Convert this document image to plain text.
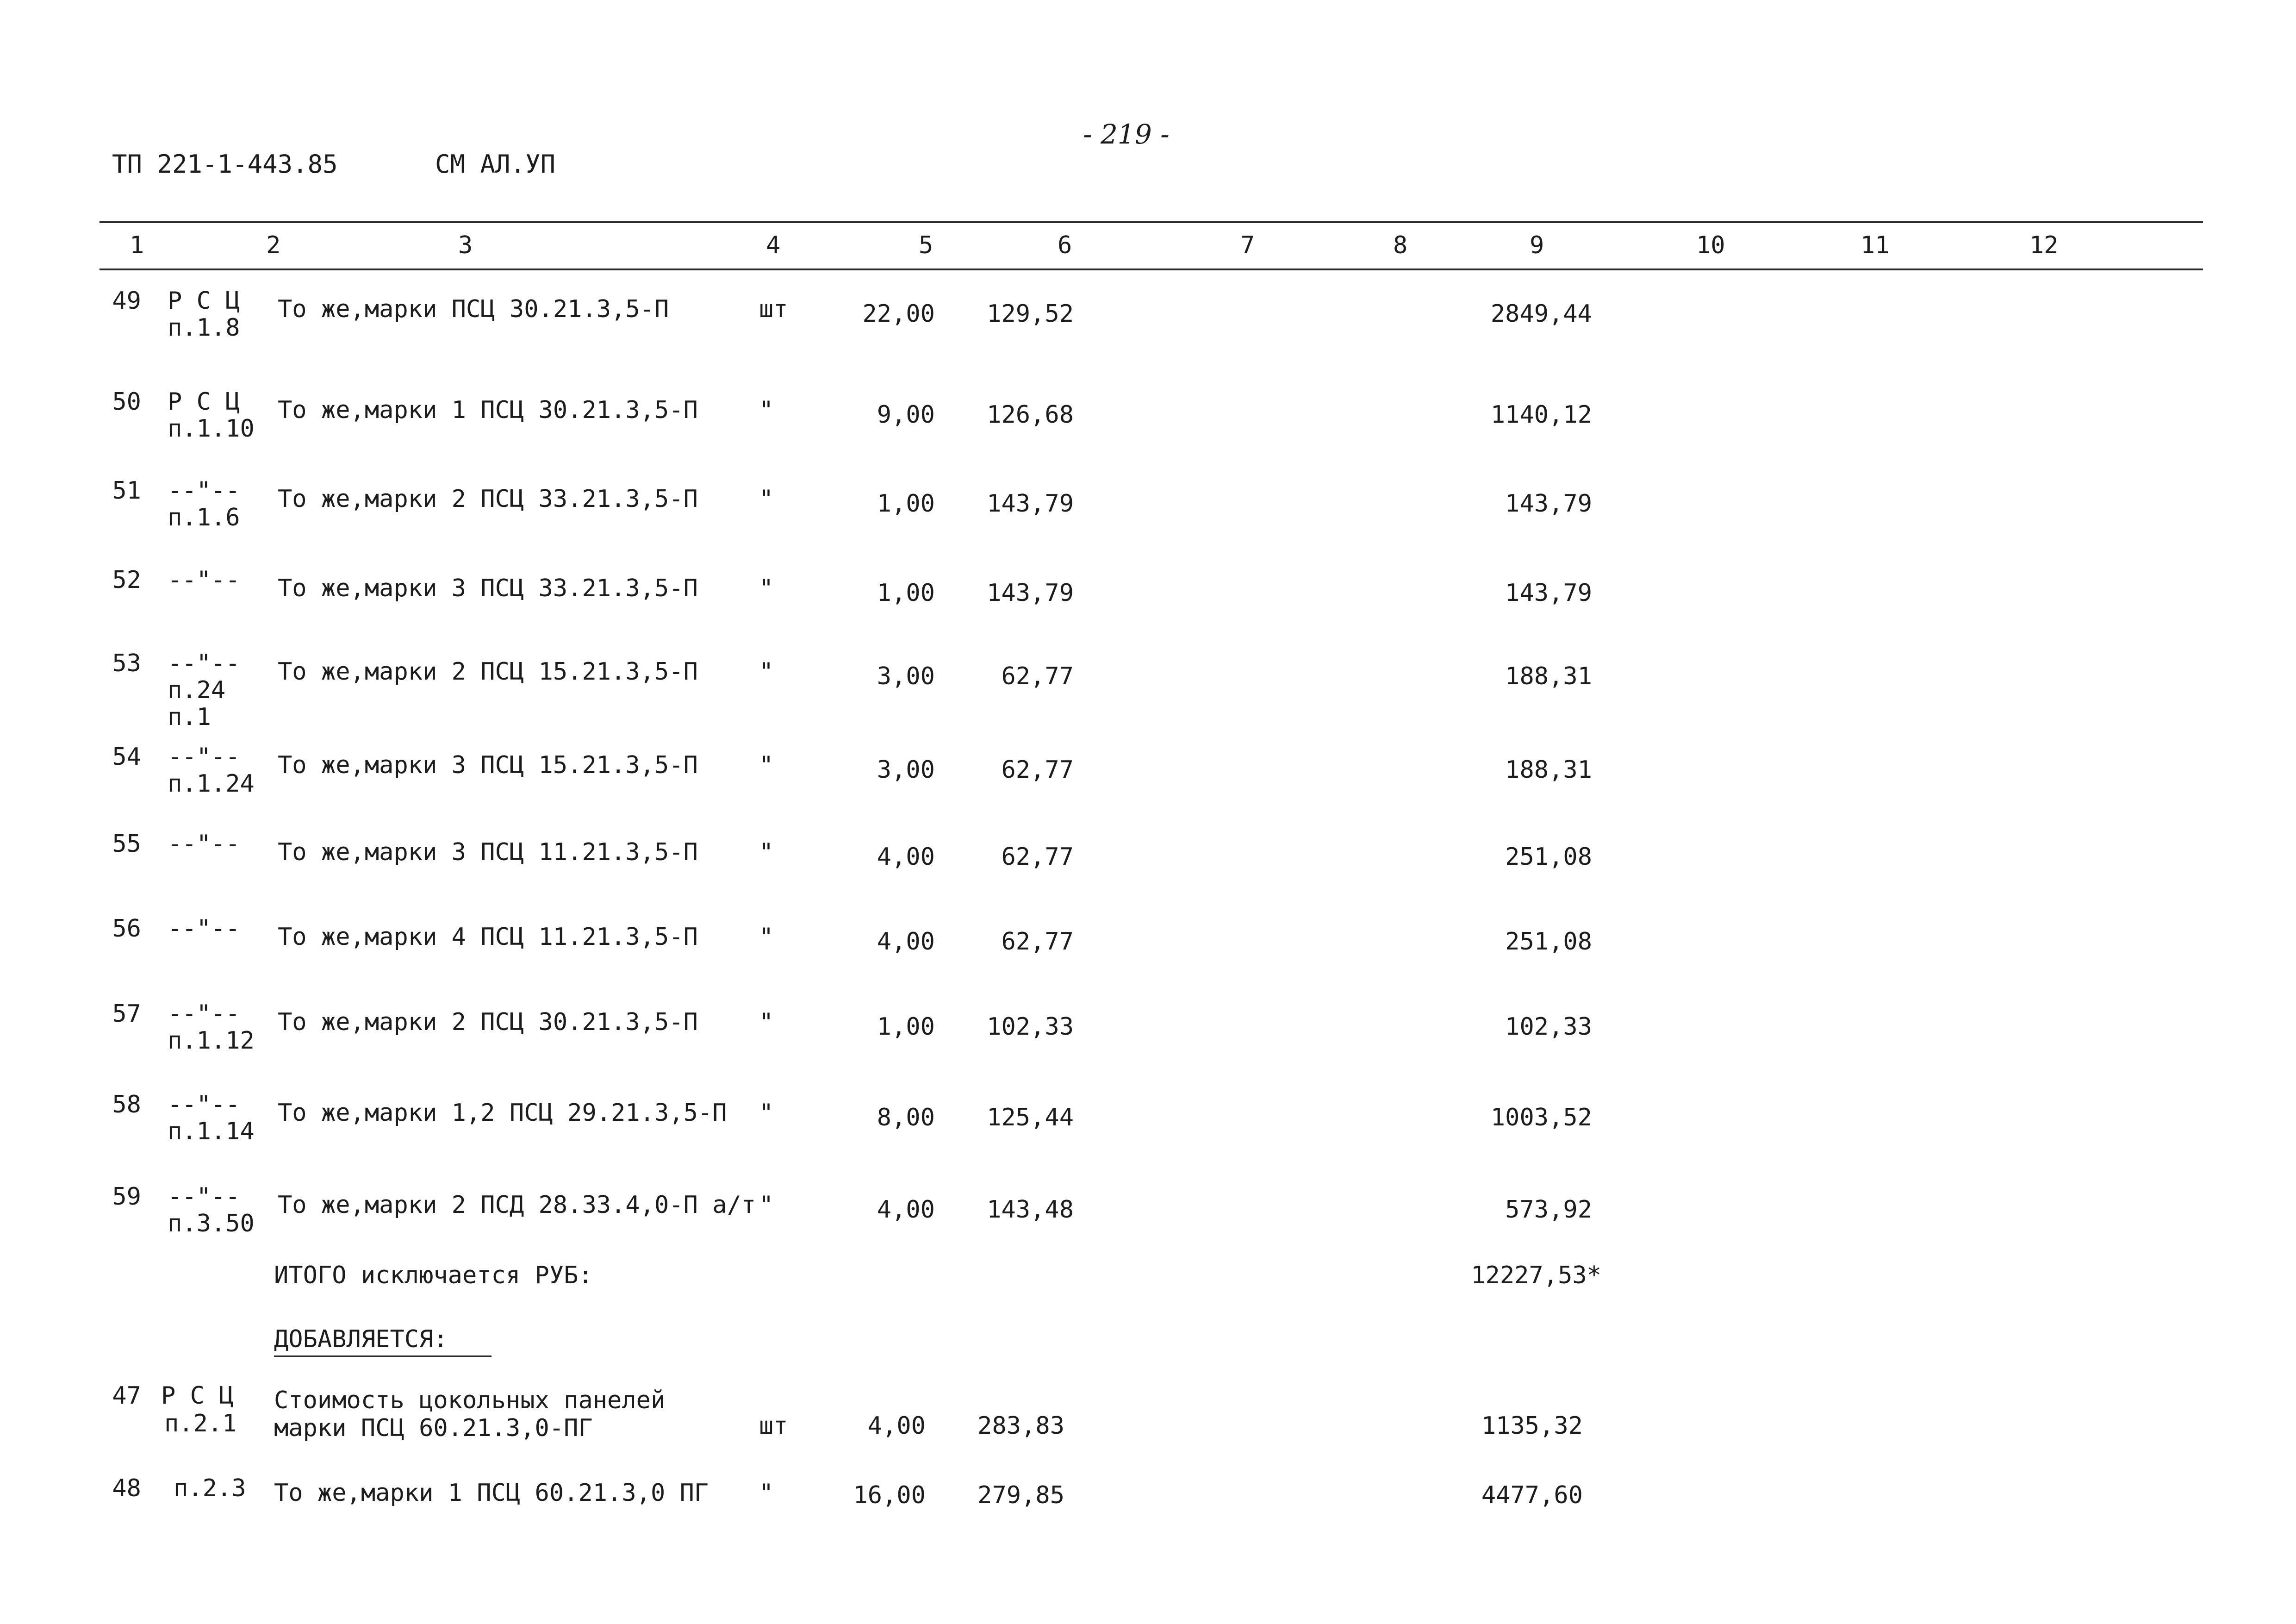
ТП 221-1-443.85	СМ АЛ.УП
- 219 -
1	2	3	4	5	6	7	8	9	10	11	12
49 Р С Ц
п.1.8
То же,марки ПСЦ 30.21.3,5-П	шт	22,00	129,52	2849,44
50 Р С Ц
п.1.10
То же,марки 1 ПСЦ 30.21.3,5-П	"	9,00	126,68	1140,12
51 --"--
п.1.6
То же,марки 2 ПСЦ 33.21.3,5-П	"	1,00	143,79	143,79
52 --"-- То же,марки 3 ПСЦ 33.21.3,5-П	"	1,00	143,79	143,79
53 --"--
п.24
п.1
То же,марки 2 ПСЦ 15.21.3,5-П	"	3,00	62,77	188,31
54 --"--
п.1.24
То же,марки 3 ПСЦ 15.21.3,5-П	"	3,00	62,77	188,31
55 --"-- То же,марки 3 ПСЦ 11.21.3,5-П	"	4,00	62,77	251,08
56 --"-- То же,марки 4 ПСЦ 11.21.3,5-П	"	4,00	62,77	251,08
57 --"--
п.1.12
То же,марки 2 ПСЦ 30.21.3,5-П	"	1,00	102,33	102,33
58 --"--
п.1.14
То же,марки 1,2 ПСЦ 29.21.3,5-П "	8,00	125,44	1003,52
59 --"--
п.3.50
То же,марки 2 ПСД 28.33.4,0-П а/т "	4,00	143,48	573,92
ИТОГО исключается РУБ:	12227,53*
ДОБАВЛЯЕТСЯ:
47 Р С Ц
п.2.1
Стоимость цокольных панелей
марки ПСЦ 60.21.3,0-ПГ	шт	4,00	283,83	1135,32
48 п.2.3 То же,марки 1 ПСЦ 60.21.3,0 ПГ "	16,00	279,85	4477,60
